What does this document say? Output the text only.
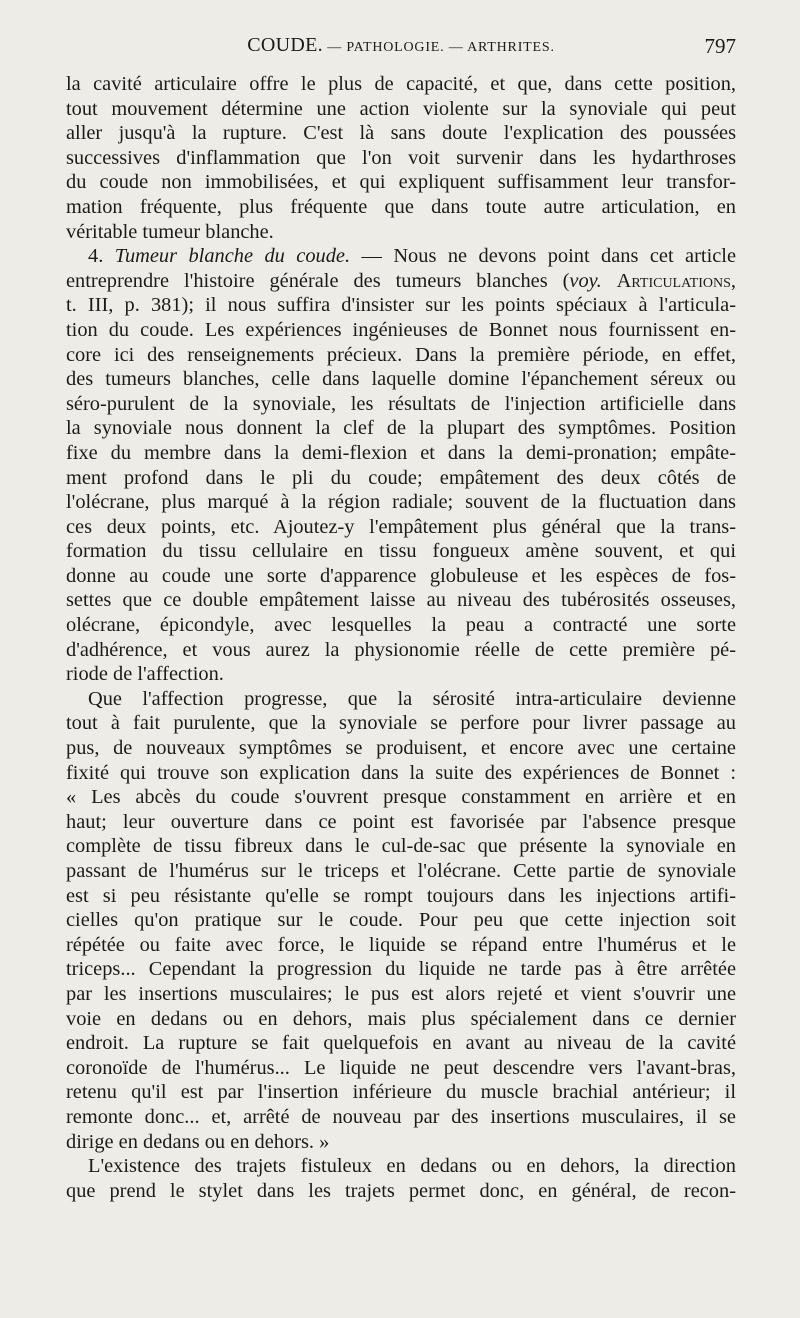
COUDE. — PATHOLOGIE. — ARTHRITES.	797
la cavité articulaire offre le plus de capacité, et que, dans cette position,
tout mouvement détermine une action violente sur la synoviale qui peut
aller jusqu'à la rupture. C'est là sans doute l'explication des poussées
successives d'inflammation que l'on voit survenir dans les hydarthroses
du coude non immobilisées, et qui expliquent suffisamment leur transfor-
mation fréquente, plus fréquente que dans toute autre articulation, en
véritable tumeur blanche.
4. Tumeur blanche du coude. — Nous ne devons point dans cet article
entreprendre l'histoire générale des tumeurs blanches (voy. Articulations,
t. III, p. 381); il nous suffira d'insister sur les points spéciaux à l'articula-
tion du coude. Les expériences ingénieuses de Bonnet nous fournissent en-
core ici des renseignements précieux. Dans la première période, en effet,
des tumeurs blanches, celle dans laquelle domine l'épanchement séreux ou
séro-purulent de la synoviale, les résultats de l'injection artificielle dans
la synoviale nous donnent la clef de la plupart des symptômes. Position
fixe du membre dans la demi-flexion et dans la demi-pronation; empâte-
ment profond dans le pli du coude; empâtement des deux côtés de
l'olécrane, plus marqué à la région radiale; souvent de la fluctuation dans
ces deux points, etc. Ajoutez-y l'empâtement plus général que la trans-
formation du tissu cellulaire en tissu fongueux amène souvent, et qui
donne au coude une sorte d'apparence globuleuse et les espèces de fos-
settes que ce double empâtement laisse au niveau des tubérosités osseuses,
olécrane, épicondyle, avec lesquelles la peau a contracté une sorte
d'adhérence, et vous aurez la physionomie réelle de cette première pé-
riode de l'affection.
Que l'affection progresse, que la sérosité intra-articulaire devienne
tout à fait purulente, que la synoviale se perfore pour livrer passage au
pus, de nouveaux symptômes se produisent, et encore avec une certaine
fixité qui trouve son explication dans la suite des expériences de Bonnet :
« Les abcès du coude s'ouvrent presque constamment en arrière et en
haut; leur ouverture dans ce point est favorisée par l'absence presque
complète de tissu fibreux dans le cul-de-sac que présente la synoviale en
passant de l'humérus sur le triceps et l'olécrane. Cette partie de synoviale
est si peu résistante qu'elle se rompt toujours dans les injections artifi-
cielles qu'on pratique sur le coude. Pour peu que cette injection soit
répétée ou faite avec force, le liquide se répand entre l'humérus et le
triceps... Cependant la progression du liquide ne tarde pas à être arrêtée
par les insertions musculaires; le pus est alors rejeté et vient s'ouvrir une
voie en dedans ou en dehors, mais plus spécialement dans ce dernier
endroit. La rupture se fait quelquefois en avant au niveau de la cavité
coronoïde de l'humérus... Le liquide ne peut descendre vers l'avant-bras,
retenu qu'il est par l'insertion inférieure du muscle brachial antérieur; il
remonte donc... et, arrêté de nouveau par des insertions musculaires, il se
dirige en dedans ou en dehors. »
L'existence des trajets fistuleux en dedans ou en dehors, la direction
que prend le stylet dans les trajets permet donc, en général, de recon-
